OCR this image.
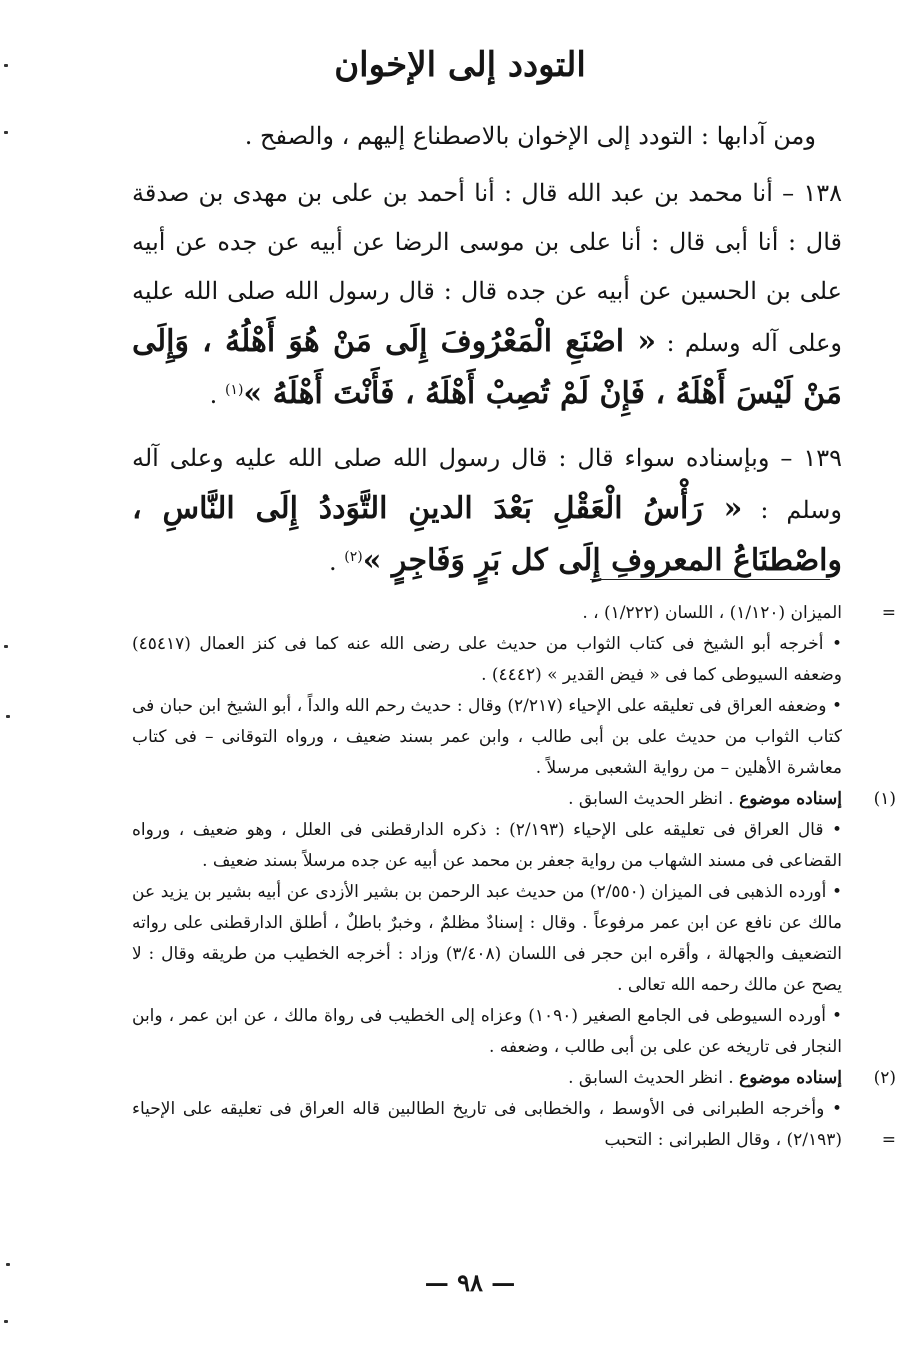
التودد إلى الإخوان

ومن آدابها : التودد إلى الإخوان بالاصطناع إليهم ، والصفح .

١٣٨ – أنا محمد بن عبد الله قال : أنا أحمد بن على بن مهدى بن صدقة قال : أنا أبى قال : أنا على بن موسى الرضا عن أبيه عن جده عن أبيه على بن الحسين عن أبيه عن جده قال : قال رسول الله صلى الله عليه وعلى آله وسلم : « اصْنَعِ الْمَعْرُوفَ إِلَى مَنْ هُوَ أَهْلُهُ ، وَإِلَى مَنْ لَيْسَ أَهْلَهُ ، فَإِنْ لَمْ تُصِبْ أَهْلَهُ ، فَأَنْتَ أَهْلَهُ »$^{(١)}$ .

١٣٩ – وبإسناده سواء قال : قال رسول الله صلى الله عليه وعلى آله وسلم : « رَأْسُ الْعَقْلِ بَعْدَ الدينِ التَّوَددُ إِلَى النَّاسِ ، واصْطنَاعُ المعروفِ إِلَى كل بَرٍ وَفَاجِرٍ »$^{(٢)}$ .

=
الميزان (١/١٢٠) ، اللسان (١/٢٢٢) ، .

• أخرجه أبو الشيخ فى كتاب الثواب من حديث على رضى الله عنه كما فى كنز العمال (٤٥٤١٧) وضعفه السيوطى كما فى « فيض القدير » (٤٤٤٢) .

• وضعفه العراق فى تعليقه على الإحياء (٢/٢١٧) وقال : حديث رحم الله والداً ، أبو الشيخ ابن حبان فى كتاب الثواب من حديث على بن أبى طالب ، وابن عمر بسند ضعيف ، ورواه التوقانى – فى كتاب معاشرة الأهلين – من رواية الشعبى مرسلاً .

(١)
إسناده موضوع . انظر الحديث السابق .

• قال العراق فى تعليقه على الإحياء (٢/١٩٣) : ذكره الدارقطنى فى العلل ، وهو ضعيف ، ورواه القضاعى فى مسند الشهاب من رواية جعفر بن محمد عن أبيه عن جده مرسلاً بسند ضعيف .

• أورده الذهبى فى الميزان (٢/٥٥٠) من حديث عبد الرحمن بن بشير الأزدى عن أبيه بشير بن يزيد عن مالك عن نافع عن ابن عمر مرفوعاً . وقال : إسنادٌ مظلمٌ ، وخبرٌ باطلٌ ، أطلق الدارقطنى على رواته التضعيف والجهالة ، وأقره ابن حجر فى اللسان (٣/٤٠٨) وزاد : أخرجه الخطيب من طريقه وقال : لا يصح عن مالك رحمه الله تعالى .

• أورده السيوطى فى الجامع الصغير (١٠٩٠) وعزاه إلى الخطيب فى رواة مالك ، عن ابن عمر ، وابن النجار فى تاريخه عن على بن أبى طالب ، وضعفه .

(٢)
إسناده موضوع . انظر الحديث السابق .

• وأخرجه الطبرانى فى الأوسط ، والخطابى فى تاريخ الطالبين قاله العراق فى تعليقه على الإحياء (٢/١٩٣) ، وقال الطبرانى : التحبب	=

— ٩٨ —
